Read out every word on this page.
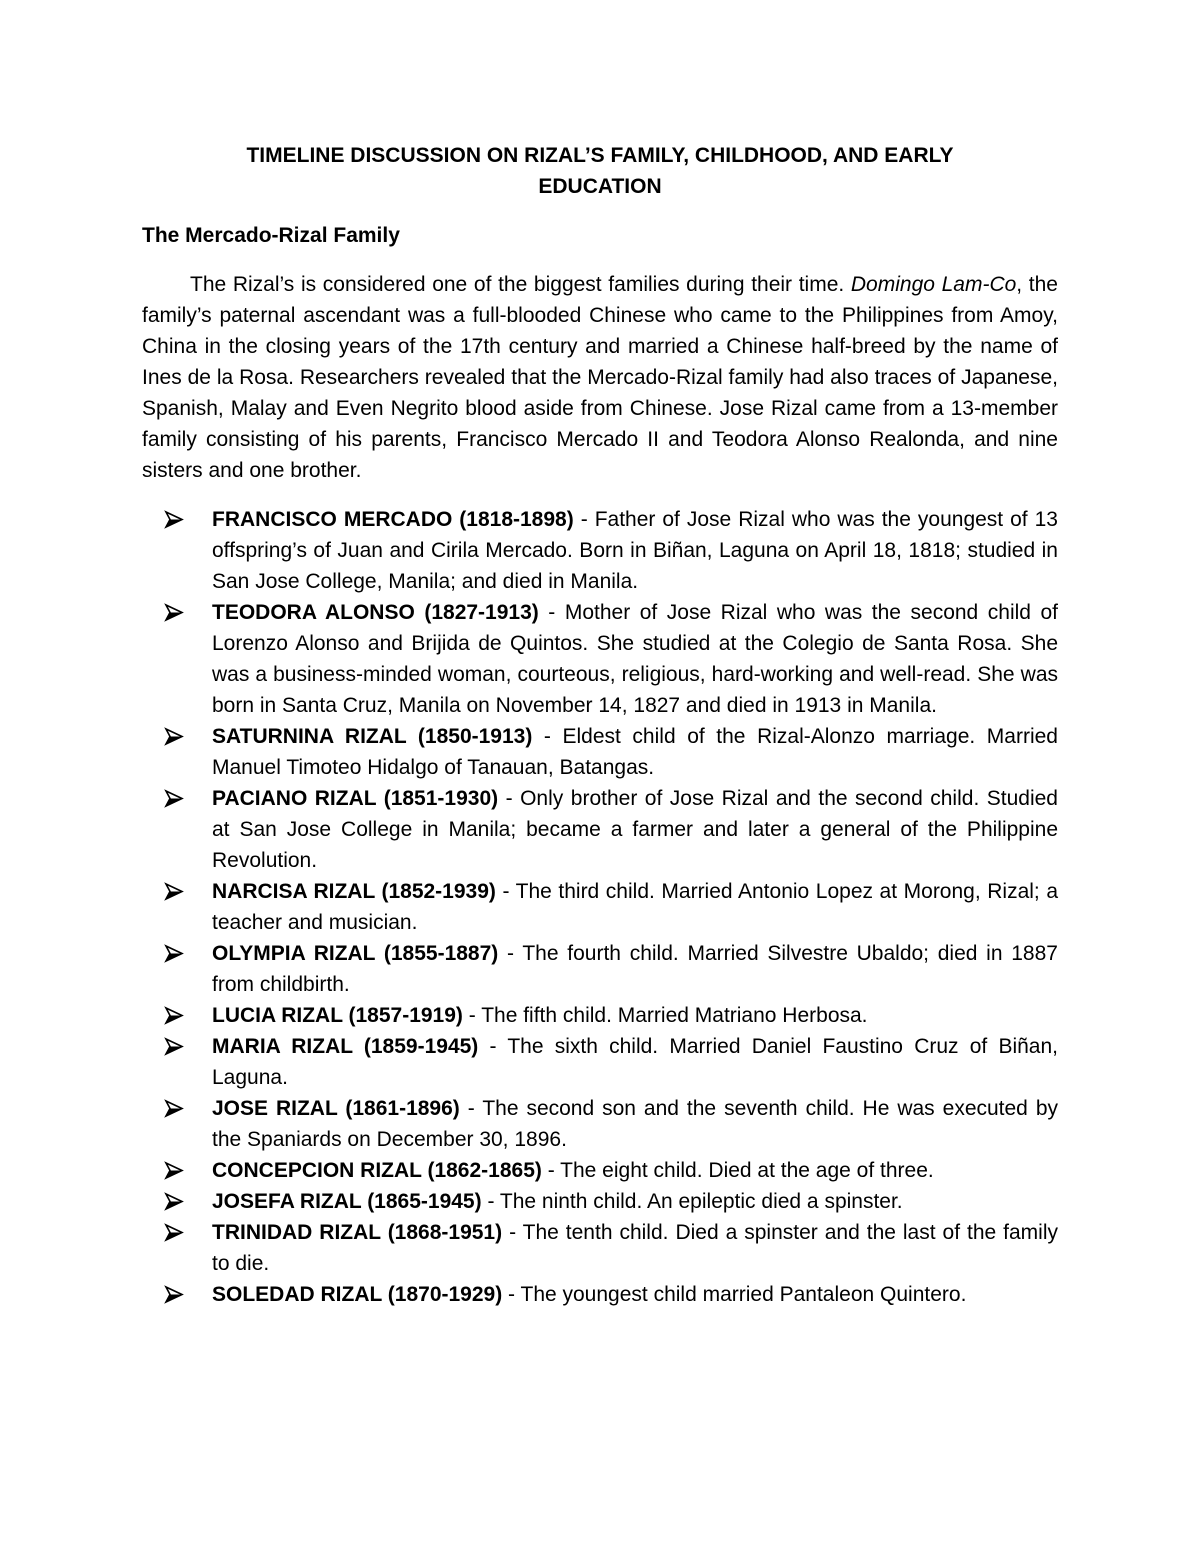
TIMELINE DISCUSSION ON RIZAL’S FAMILY, CHILDHOOD, AND EARLY
EDUCATION
The Mercado-Rizal Family

The Rizal’s is considered one of the biggest families during their time. Domingo Lam-Co, the family’s paternal ascendant was a full-blooded Chinese who came to the Philippines from Amoy, China in the closing years of the 17th century and married a Chinese half-breed by the name of Ines de la Rosa. Researchers revealed that the Mercado-Rizal family had also traces of Japanese, Spanish, Malay and Even Negrito blood aside from Chinese. Jose Rizal came from a 13-member family consisting of his parents, Francisco Mercado II and Teodora Alonso Realonda, and nine sisters and one brother.

FRANCISCO MERCADO (1818-1898) - Father of Jose Rizal who was the youngest of 13 offspring’s of Juan and Cirila Mercado. Born in Biñan, Laguna on April 18, 1818; studied in San Jose College, Manila; and died in Manila.
TEODORA ALONSO (1827-1913) - Mother of Jose Rizal who was the second child of Lorenzo Alonso and Brijida de Quintos. She studied at the Colegio de Santa Rosa. She was a business-minded woman, courteous, religious, hard-working and well-read. She was born in Santa Cruz, Manila on November 14, 1827 and died in 1913 in Manila.
SATURNINA RIZAL (1850-1913) - Eldest child of the Rizal-Alonzo marriage. Married Manuel Timoteo Hidalgo of Tanauan, Batangas.
PACIANO RIZAL (1851-1930) - Only brother of Jose Rizal and the second child. Studied at San Jose College in Manila; became a farmer and later a general of the Philippine Revolution.
NARCISA RIZAL (1852-1939) - The third child. Married Antonio Lopez at Morong, Rizal; a teacher and musician.
OLYMPIA RIZAL (1855-1887) - The fourth child. Married Silvestre Ubaldo; died in 1887 from childbirth.
LUCIA RIZAL (1857-1919) - The fifth child. Married Matriano Herbosa.
MARIA RIZAL (1859-1945) - The sixth child. Married Daniel Faustino Cruz of Biñan, Laguna.
JOSE RIZAL (1861-1896) - The second son and the seventh child. He was executed by the Spaniards on December 30, 1896.
CONCEPCION RIZAL (1862-1865) - The eight child. Died at the age of three.
JOSEFA RIZAL (1865-1945) - The ninth child. An epileptic died a spinster.
TRINIDAD RIZAL (1868-1951) - The tenth child. Died a spinster and the last of the family to die.
SOLEDAD RIZAL (1870-1929) - The youngest child married Pantaleon Quintero.
